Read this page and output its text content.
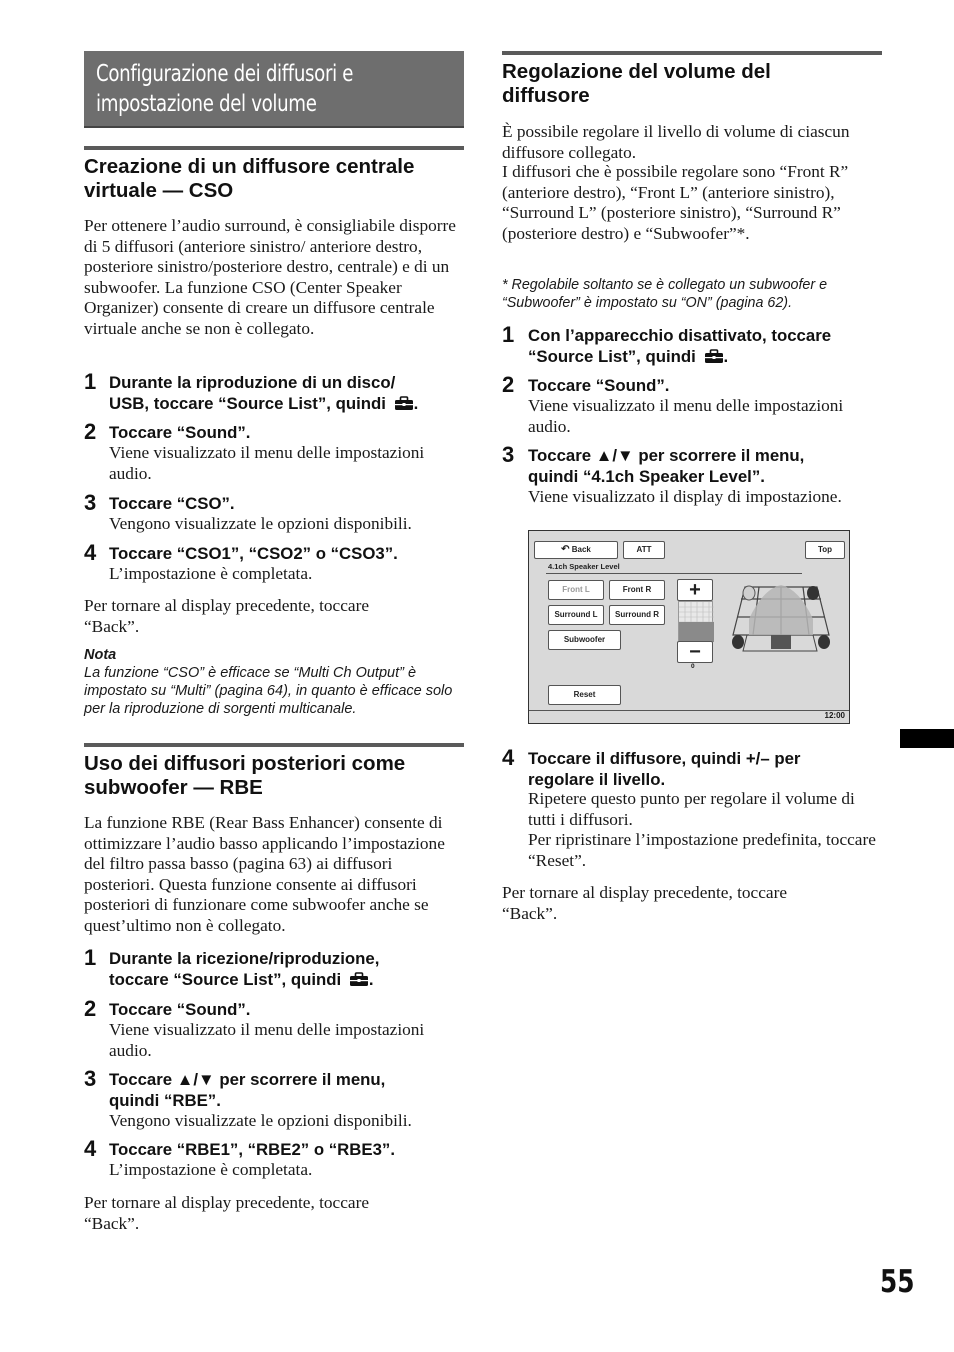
Configurazione dei diffusori e impostazione del volume
Creazione di un diffusore centrale virtuale — CSO
Per ottenere l’audio surround, è consigliabile disporre di 5 diffusori (anteriore sinistro/ anteriore destro, posteriore sinistro/posteriore destro, centrale) e di un subwoofer. La funzione CSO (Center Speaker Organizer) consente di creare un diffusore centrale virtuale anche se non è collegato.
1 Durante la riproduzione di un disco/
USB, toccare “Source List”, quindi .
2 Toccare “Sound”.
Viene visualizzato il menu delle impostazioni audio.
3 Toccare “CSO”.
Vengono visualizzate le opzioni disponibili.
4 Toccare “CSO1”, “CSO2” o “CSO3”.
L’impostazione è completata.
Per tornare al display precedente, toccare “Back”.
Nota
La funzione “CSO” è efficace se “Multi Ch Output” è impostato su “Multi” (pagina 64), in quanto è efficace solo per la riproduzione di sorgenti multicanale.
Uso dei diffusori posteriori come subwoofer — RBE
La funzione RBE (Rear Bass Enhancer) consente di ottimizzare l’audio basso applicando l’impostazione del filtro passa basso (pagina 63) ai diffusori posteriori. Questa funzione consente ai diffusori posteriori di funzionare come subwoofer anche se quest’ultimo non è collegato.
1 Durante la ricezione/riproduzione,
toccare “Source List”, quindi .
2 Toccare “Sound”.
Viene visualizzato il menu delle impostazioni audio.
3 Toccare ▲/▼ per scorrere il menu,
quindi “RBE”.
Vengono visualizzate le opzioni disponibili.
4 Toccare “RBE1”, “RBE2” o “RBE3”.
L’impostazione è completata.
Per tornare al display precedente, toccare “Back”.
Regolazione del volume del diffusore
È possibile regolare il livello di volume di ciascun diffusore collegato.
I diffusori che è possibile regolare sono “Front R” (anteriore destro), “Front L” (anteriore sinistro), “Surround L” (posteriore sinistro), “Surround R” (posteriore destro) e “Subwoofer”*.
* Regolabile soltanto se è collegato un subwoofer e “Subwoofer” è impostato su “ON” (pagina 62).
1 Con l’apparecchio disattivato, toccare
“Source List”, quindi .
2 Toccare “Sound”.
Viene visualizzato il menu delle impostazioni audio.
3 Toccare ▲/▼ per scorrere il menu,
quindi “4.1ch Speaker Level”.
Viene visualizzato il display di impostazione.
↶ Back	ATT	Top
4.1ch Speaker Level
Front L	Front R
Surround L	Surround R
Subwoofer
+
−
0
Reset
12:00
4 Toccare il diffusore, quindi +/– per
regolare il livello.
Ripetere questo punto per regolare il volume di tutti i diffusori.
Per ripristinare l’impostazione predefinita, toccare “Reset”.
Per tornare al display precedente, toccare “Back”.
55
